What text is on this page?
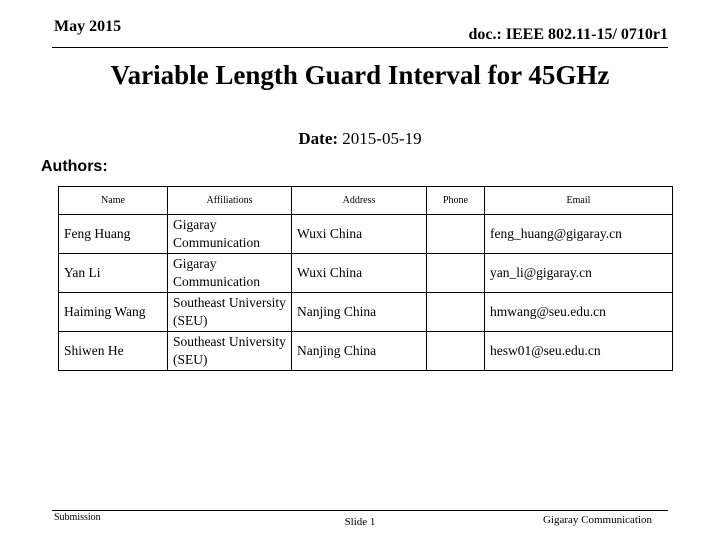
May 2015	doc.: IEEE 802.11-15/ 0710r1
Variable Length Guard Interval for 45GHz
Date: 2015-05-19
Authors:
Name	Affiliations	Address	Phone	Email
Feng Huang	Gigaray Communication	Wuxi China		feng_huang@gigaray.cn
Yan Li	Gigaray Communication	Wuxi China		yan_li@gigaray.cn
Haiming Wang	Southeast University (SEU)	Nanjing China		hmwang@seu.edu.cn
Shiwen He	Southeast University (SEU)	Nanjing China		hesw01@seu.edu.cn
Submission	Slide 1	Gigaray Communication
